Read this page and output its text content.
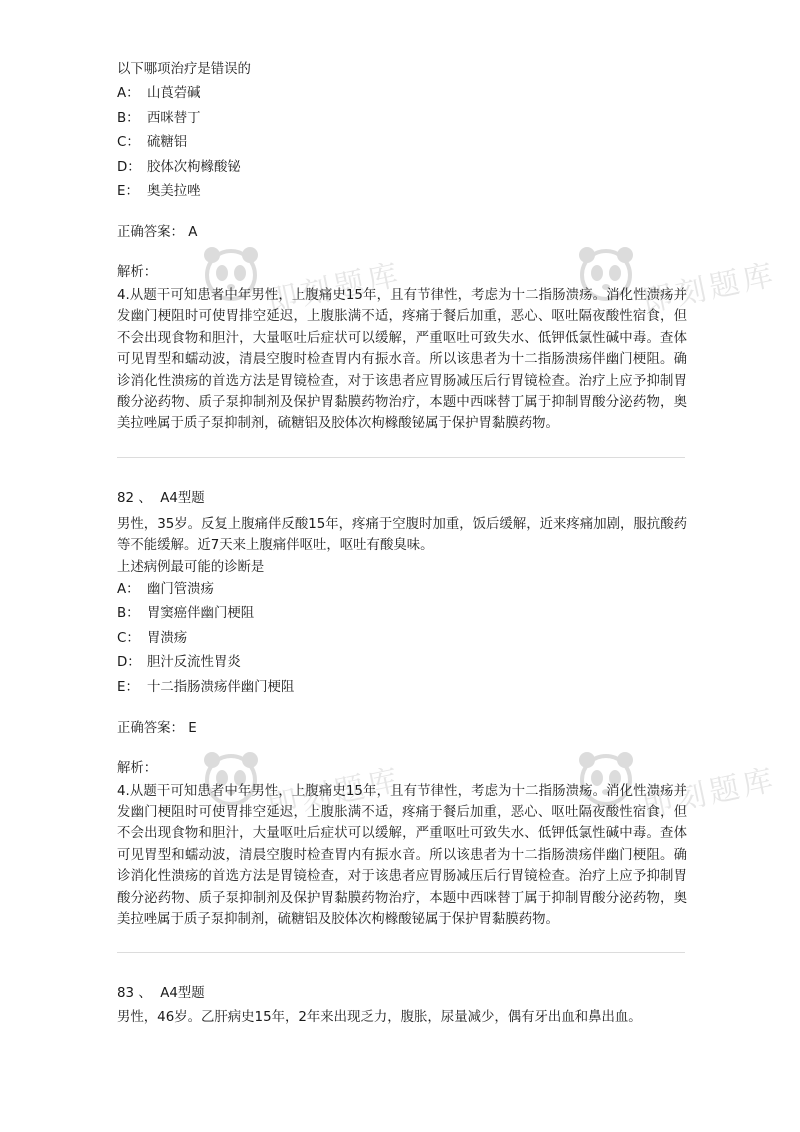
即刻题库	即刻题库
即刻题库	即刻题库

以下哪项治疗是错误的

A： 山莨菪碱
B： 西咪替丁
C： 硫糖铝
D： 胶体次枸橼酸铋
E： 奥美拉唑
正确答案： A
解析：

4.从题干可知患者中年男性，上腹痛史15年，且有节律性，考虑为十二指肠溃疡。消化性溃疡并发幽门梗阻时可使胃排空延迟，上腹胀满不适，疼痛于餐后加重，恶心、呕吐隔夜酸性宿食，但不会出现食物和胆汁，大量呕吐后症状可以缓解，严重呕吐可致失水、低钾低氯性碱中毒。查体可见胃型和蠕动波，清晨空腹时检查胃内有振水音。所以该患者为十二指肠溃疡伴幽门梗阻。确诊消化性溃疡的首选方法是胃镜检查，对于该患者应胃肠减压后行胃镜检查。治疗上应予抑制胃酸分泌药物、质子泵抑制剂及保护胃黏膜药物治疗，本题中西咪替丁属于抑制胃酸分泌药物，奥美拉唑属于质子泵抑制剂，硫糖铝及胶体次枸橼酸铋属于保护胃黏膜药物。

82 、 A4型题

男性，35岁。反复上腹痛伴反酸15年，疼痛于空腹时加重，饭后缓解，近来疼痛加剧，服抗酸药等不能缓解。近7天来上腹痛伴呕吐，呕吐有酸臭味。

上述病例最可能的诊断是

A： 幽门管溃疡
B： 胃窦癌伴幽门梗阻
C： 胃溃疡
D： 胆汁反流性胃炎
E： 十二指肠溃疡伴幽门梗阻
正确答案： E
解析：

4.从题干可知患者中年男性，上腹痛史15年，且有节律性，考虑为十二指肠溃疡。消化性溃疡并发幽门梗阻时可使胃排空延迟，上腹胀满不适，疼痛于餐后加重，恶心、呕吐隔夜酸性宿食，但不会出现食物和胆汁，大量呕吐后症状可以缓解，严重呕吐可致失水、低钾低氯性碱中毒。查体可见胃型和蠕动波，清晨空腹时检查胃内有振水音。所以该患者为十二指肠溃疡伴幽门梗阻。确诊消化性溃疡的首选方法是胃镜检查，对于该患者应胃肠减压后行胃镜检查。治疗上应予抑制胃酸分泌药物、质子泵抑制剂及保护胃黏膜药物治疗，本题中西咪替丁属于抑制胃酸分泌药物，奥美拉唑属于质子泵抑制剂，硫糖铝及胶体次枸橼酸铋属于保护胃黏膜药物。

83 、 A4型题

男性，46岁。乙肝病史15年，2年来出现乏力，腹胀，尿量减少，偶有牙出血和鼻出血。
